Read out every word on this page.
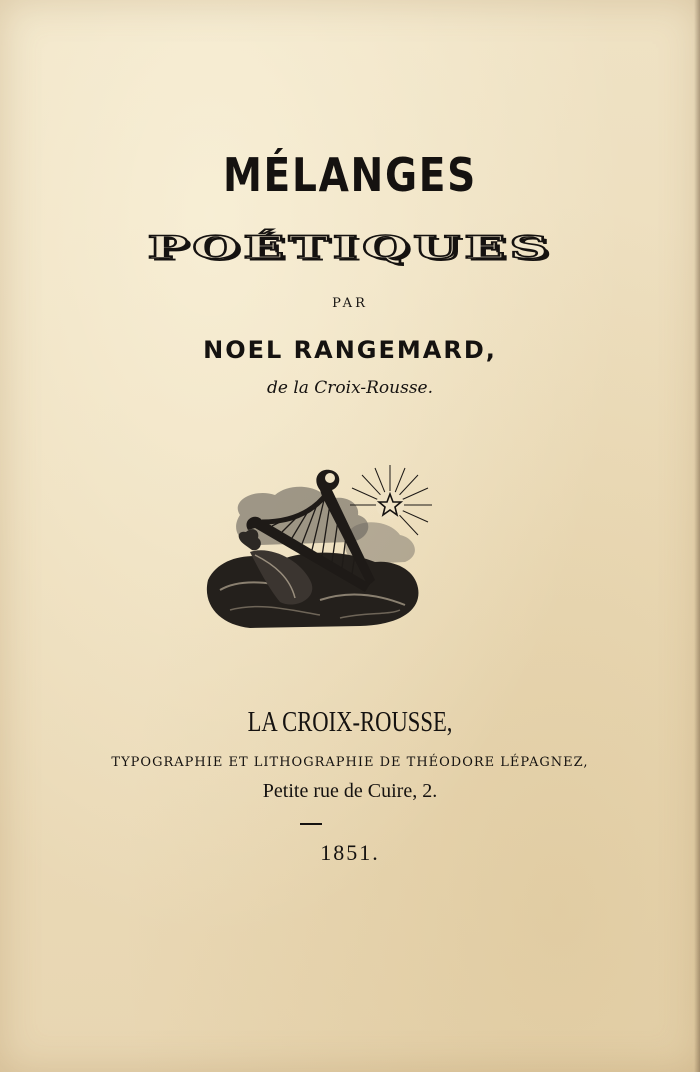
MÉLANGES
POÉTIQUES
PAR
NOEL RANGEMARD,
de la Croix-Rousse.
LA CROIX-ROUSSE,
TYPOGRAPHIE ET LITHOGRAPHIE DE THÉODORE LÉPAGNEZ,
Petite rue de Cuire, 2.
1851.
